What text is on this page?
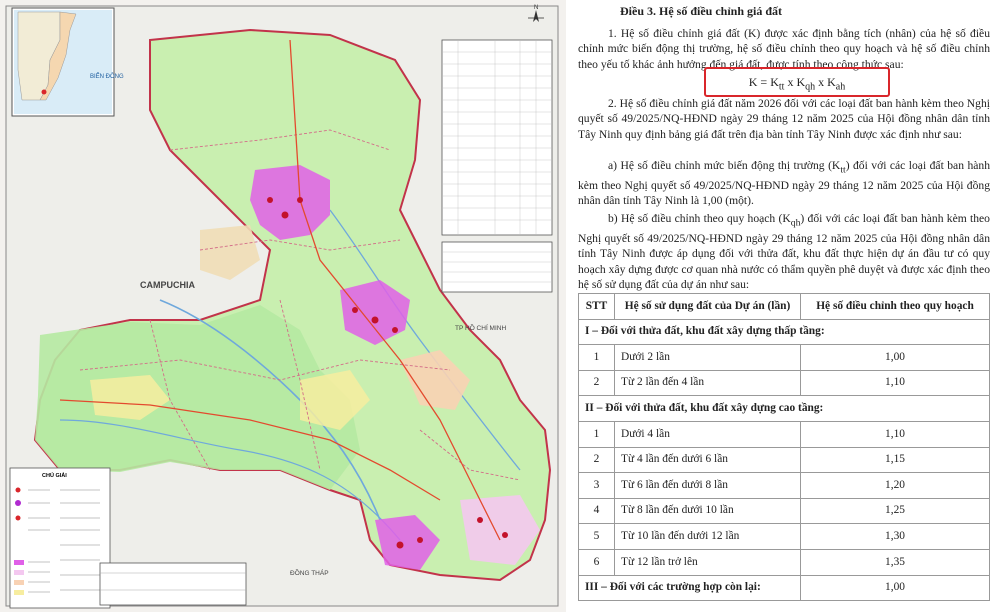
BIỂN ĐÔNG
N
CHÚ GIẢI
CAMPUCHIA
TP HỒ CHÍ MINH
ĐỒNG THÁP
Điều 3. Hệ số điều chỉnh giá đất

1. Hệ số điều chỉnh giá đất (K) được xác định bằng tích (nhân) của hệ số điều chỉnh mức biến động thị trường, hệ số điều chỉnh theo quy hoạch và hệ số điều chỉnh theo yếu tố khác ảnh hưởng đến giá đất, được tính theo công thức sau:

$K = K_{tt}$ x $K_{qh}$ x $K_{ah}$

2. Hệ số điều chỉnh giá đất năm 2026 đối với các loại đất ban hành kèm theo Nghị quyết số 49/2025/NQ-HĐND ngày 29 tháng 12 năm 2025 của Hội đồng nhân dân tỉnh Tây Ninh quy định bảng giá đất trên địa bàn tỉnh Tây Ninh được xác định như sau:

a) Hệ số điều chỉnh mức biến động thị trường $(K_{tt})$ đối với các loại đất ban hành kèm theo Nghị quyết số 49/2025/NQ-HĐND ngày 29 tháng 12 năm 2025 của Hội đồng nhân dân tỉnh Tây Ninh là 1,00 (một).

b) Hệ số điều chỉnh theo quy hoạch $(K_{qh})$ đối với các loại đất ban hành kèm theo Nghị quyết số 49/2025/NQ-HĐND ngày 29 tháng 12 năm 2025 của Hội đồng nhân dân tỉnh Tây Ninh được áp dụng đối với thửa đất, khu đất thực hiện dự án đầu tư có quy hoạch xây dựng được cơ quan nhà nước có thẩm quyền phê duyệt và được xác định theo hệ số sử dụng đất của dự án như sau:

STT	Hệ số sử dụng đất của Dự án (lần)	Hệ số điều chỉnh theo quy hoạch
I – Đối với thửa đất, khu đất xây dựng thấp tầng:		
1	Dưới 2 lần	1,00
2	Từ 2 lần đến 4 lần	1,10
II – Đối với thửa đất, khu đất xây dựng cao tầng:		
1	Dưới 4 lần	1,10
2	Từ 4 lần đến dưới 6 lần	1,15
3	Từ 6 lần đến dưới 8 lần	1,20
4	Từ 8 lần đến dưới 10 lần	1,25
5	Từ 10 lần đến dưới 12 lần	1,30
6	Từ 12 lần trở lên	1,35
III – Đối với các trường hợp còn lại:		1,00
